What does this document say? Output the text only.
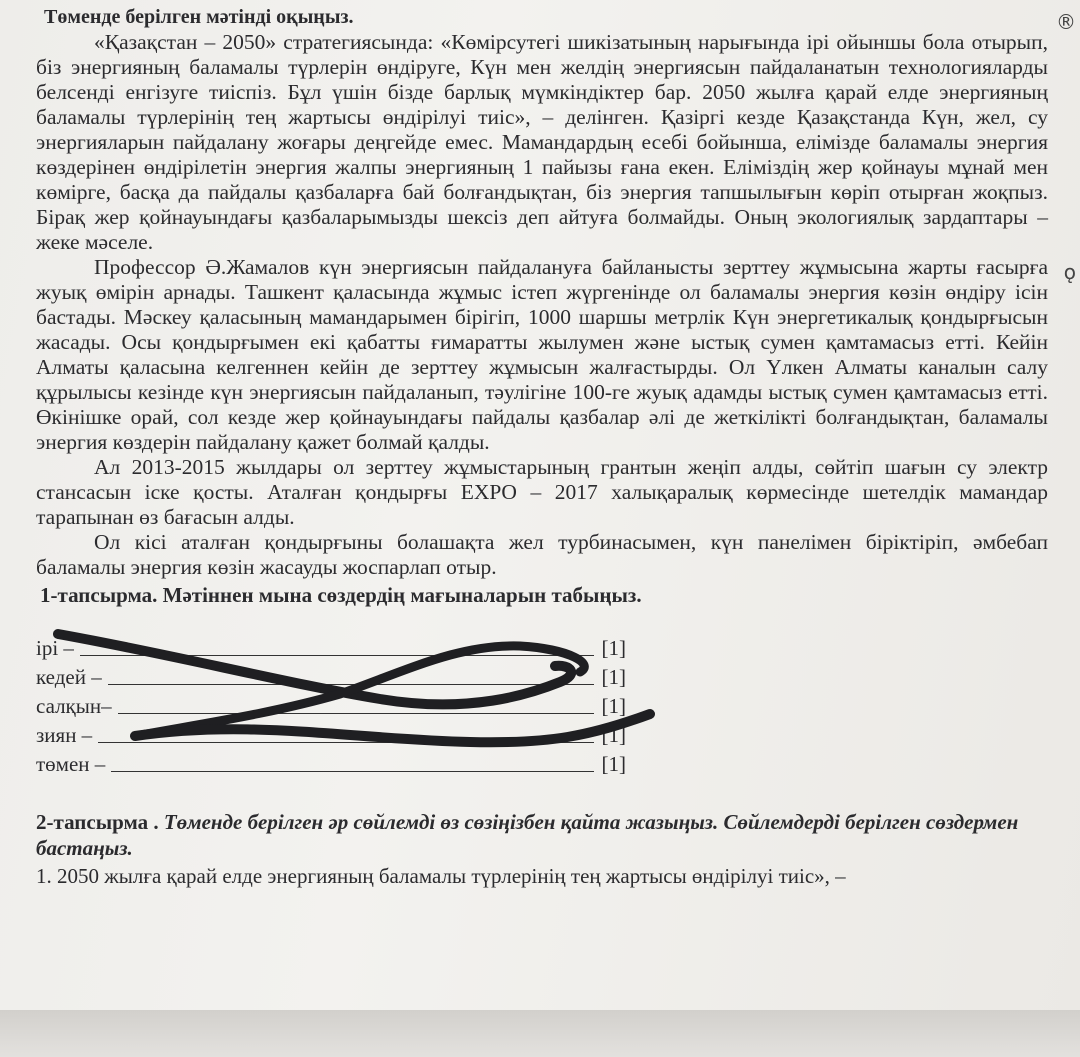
®
ǫ
Төменде берілген мәтінді оқыңыз.

«Қазақстан – 2050» стратегиясында: «Көмірсутегі шикізатының нарығында ірі ойыншы бола отырып, біз энергияның баламалы түрлерін өндіруге, Күн мен желдің энергиясын пайдаланатын технологияларды белсенді енгізуге тиіспіз. Бұл үшін бізде барлық мүмкіндіктер бар. 2050 жылға қарай елде энергияның баламалы түрлерінің тең жартысы өндірілуі тиіс», – делінген. Қазіргі кезде Қазақстанда Күн, жел, су энергияларын пайдалану жоғары деңгейде емес. Мамандардың есебі бойынша, елімізде баламалы энергия көздерінен өндірілетін энергия жалпы энергияның 1 пайызы ғана екен. Еліміздің жер қойнауы мұнай мен көмірге, басқа да пайдалы қазбаларға бай болғандықтан, біз энергия тапшылығын көріп отырған жоқпыз. Бірақ жер қойнауындағы қазбаларымызды шексіз деп айтуға болмайды. Оның экологиялық зардаптары – жеке мәселе.

Профессор Ә.Жамалов күн энергиясын пайдалануға байланысты зерттеу жұмысына жарты ғасырға жуық өмірін арнады. Ташкент қаласында жұмыс істеп жүргенінде ол баламалы энергия көзін өндіру ісін бастады. Мәскеу қаласының мамандарымен бірігіп, 1000 шаршы метрлік Күн энергетикалық қондырғысын жасады. Осы қондырғымен екі қабатты ғимаратты жылумен және ыстық сумен қамтамасыз етті. Кейін Алматы қаласына келгеннен кейін де зерттеу жұмысын жалғастырды. Ол Үлкен Алматы каналын салу құрылысы кезінде күн энергиясын пайдаланып, тәулігіне 100-ге жуық адамды ыстық сумен қамтамасыз етті. Өкінішке орай, сол кезде жер қойнауындағы пайдалы қазбалар әлі де жеткілікті болғандықтан, баламалы энергия көздерін пайдалану қажет болмай қалды.

Ал 2013-2015 жылдары ол зерттеу жұмыстарының грантын жеңіп алды, сөйтіп шағын су электр стансасын іске қосты. Аталған қондырғы EXPO – 2017 халықаралық көрмесінде шетелдік мамандар тарапынан өз бағасын алды.

Ол кісі аталған қондырғыны болашақта жел турбинасымен, күн панелімен біріктіріп, әмбебап баламалы энергия көзін жасауды жоспарлап отыр.

1-тапсырма. Мәтіннен мына сөздердің мағыналарын табыңыз.
ірі –	[1]
кедей –	[1]
салқын–	[1]
зиян –	[1]
төмен –	[1]
2-тапсырма . Төменде берілген әр сөйлемді өз сөзіңізбен қайта жазыңыз. Сөйлемдерді берілген сөздермен бастаңыз.
1. 2050 жылға қарай елде энергияның баламалы түрлерінің тең жартысы өндірілуі тиіс», –
